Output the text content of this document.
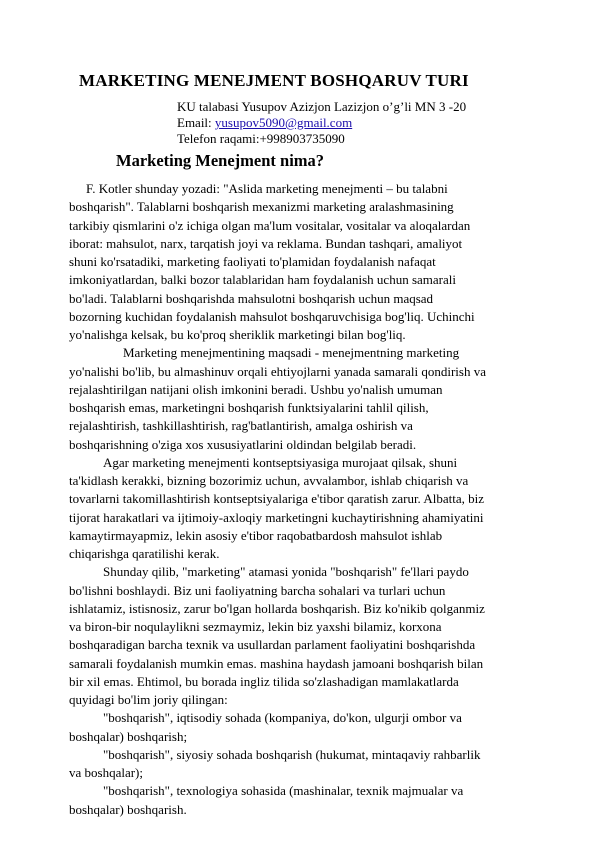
MARKETING MENEJMENT BOSHQARUV TURI
KU talabasi Yusupov Azizjon Lazizjon o’g’li MN 3 -20
Email: yusupov5090@gmail.com
Telefon raqami:+998903735090
Marketing Menejment nima?
F. Kotler shunday yozadi: "Aslida marketing menejmenti – bu talabni
boshqarish". Talablarni boshqarish mexanizmi marketing aralashmasining
tarkibiy qismlarini o'z ichiga olgan ma'lum vositalar, vositalar va aloqalardan
iborat: mahsulot, narx, tarqatish joyi va reklama. Bundan tashqari, amaliyot
shuni ko'rsatadiki, marketing faoliyati to'plamidan foydalanish nafaqat
imkoniyatlardan, balki bozor talablaridan ham foydalanish uchun samarali
bo'ladi. Talablarni boshqarishda mahsulotni boshqarish uchun maqsad
bozorning kuchidan foydalanish mahsulot boshqaruvchisiga bog'liq. Uchinchi
yo'nalishga kelsak, bu ko'proq sheriklik marketingi bilan bog'liq.
Marketing menejmentining maqsadi - menejmentning marketing
yo'nalishi bo'lib, bu almashinuv orqali ehtiyojlarni yanada samarali qondirish va
rejalashtirilgan natijani olish imkonini beradi. Ushbu yo'nalish umuman
boshqarish emas, marketingni boshqarish funktsiyalarini tahlil qilish,
rejalashtirish, tashkillashtirish, rag'batlantirish, amalga oshirish va
boshqarishning o'ziga xos xususiyatlarini oldindan belgilab beradi.
Agar marketing menejmenti kontseptsiyasiga murojaat qilsak, shuni
ta'kidlash kerakki, bizning bozorimiz uchun, avvalambor, ishlab chiqarish va
tovarlarni takomillashtirish kontseptsiyalariga e'tibor qaratish zarur. Albatta, biz
tijorat harakatlari va ijtimoiy-axloqiy marketingni kuchaytirishning ahamiyatini
kamaytirmayapmiz, lekin asosiy e'tibor raqobatbardosh mahsulot ishlab
chiqarishga qaratilishi kerak.
Shunday qilib, "marketing" atamasi yonida "boshqarish" fe'llari paydo
bo'lishni boshlaydi. Biz uni faoliyatning barcha sohalari va turlari uchun
ishlatamiz, istisnosiz, zarur bo'lgan hollarda boshqarish. Biz ko'nikib qolganmiz
va biron-bir noqulaylikni sezmaymiz, lekin biz yaxshi bilamiz, korxona
boshqaradigan barcha texnik va usullardan parlament faoliyatini boshqarishda
samarali foydalanish mumkin emas. mashina haydash jamoani boshqarish bilan
bir xil emas. Ehtimol, bu borada ingliz tilida so'zlashadigan mamlakatlarda
quyidagi bo'lim joriy qilingan:
"boshqarish", iqtisodiy sohada (kompaniya, do'kon, ulgurji ombor va
boshqalar) boshqarish;
"boshqarish", siyosiy sohada boshqarish (hukumat, mintaqaviy rahbarlik
va boshqalar);
"boshqarish", texnologiya sohasida (mashinalar, texnik majmualar va
boshqalar) boshqarish.
